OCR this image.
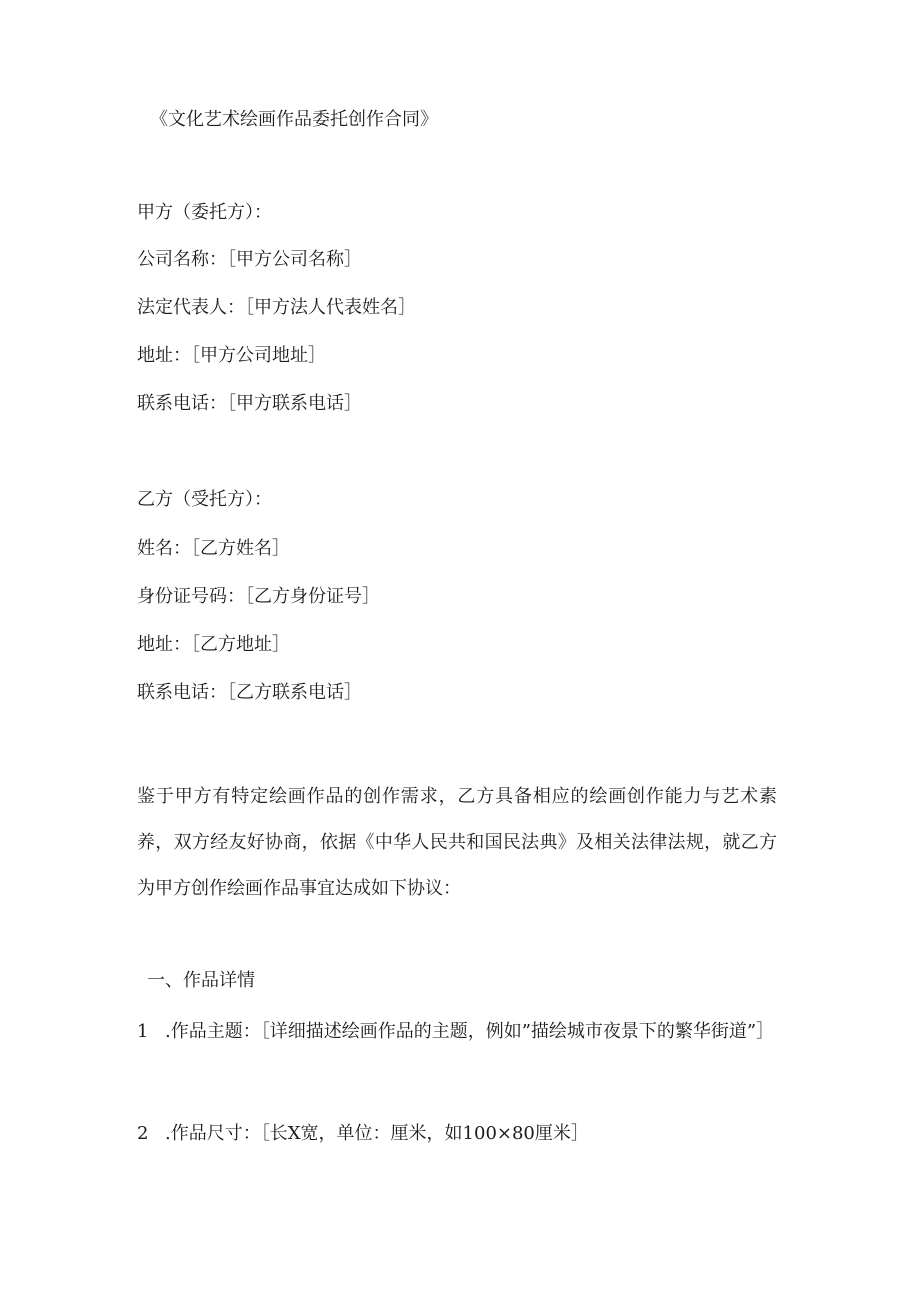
《文化艺术绘画作品委托创作合同》
甲方（委托方）：
公司名称：［甲方公司名称］
法定代表人：［甲方法人代表姓名］
地址：［甲方公司地址］
联系电话：［甲方联系电话］
乙方（受托方）：
姓名：［乙方姓名］
身份证号码：［乙方身份证号］
地址：［乙方地址］
联系电话：［乙方联系电话］
鉴于甲方有特定绘画作品的创作需求，乙方具备相应的绘画创作能力与艺术素养，双方经友好协商，依据《中华人民共和国民法典》及相关法律法规，就乙方为甲方创作绘画作品事宜达成如下协议：
一、作品详情
1 .作品主题：［详细描述绘画作品的主题，例如”描绘城市夜景下的繁华街道”］
2 .作品尺寸：［长X宽，单位：厘米，如100×80厘米］
